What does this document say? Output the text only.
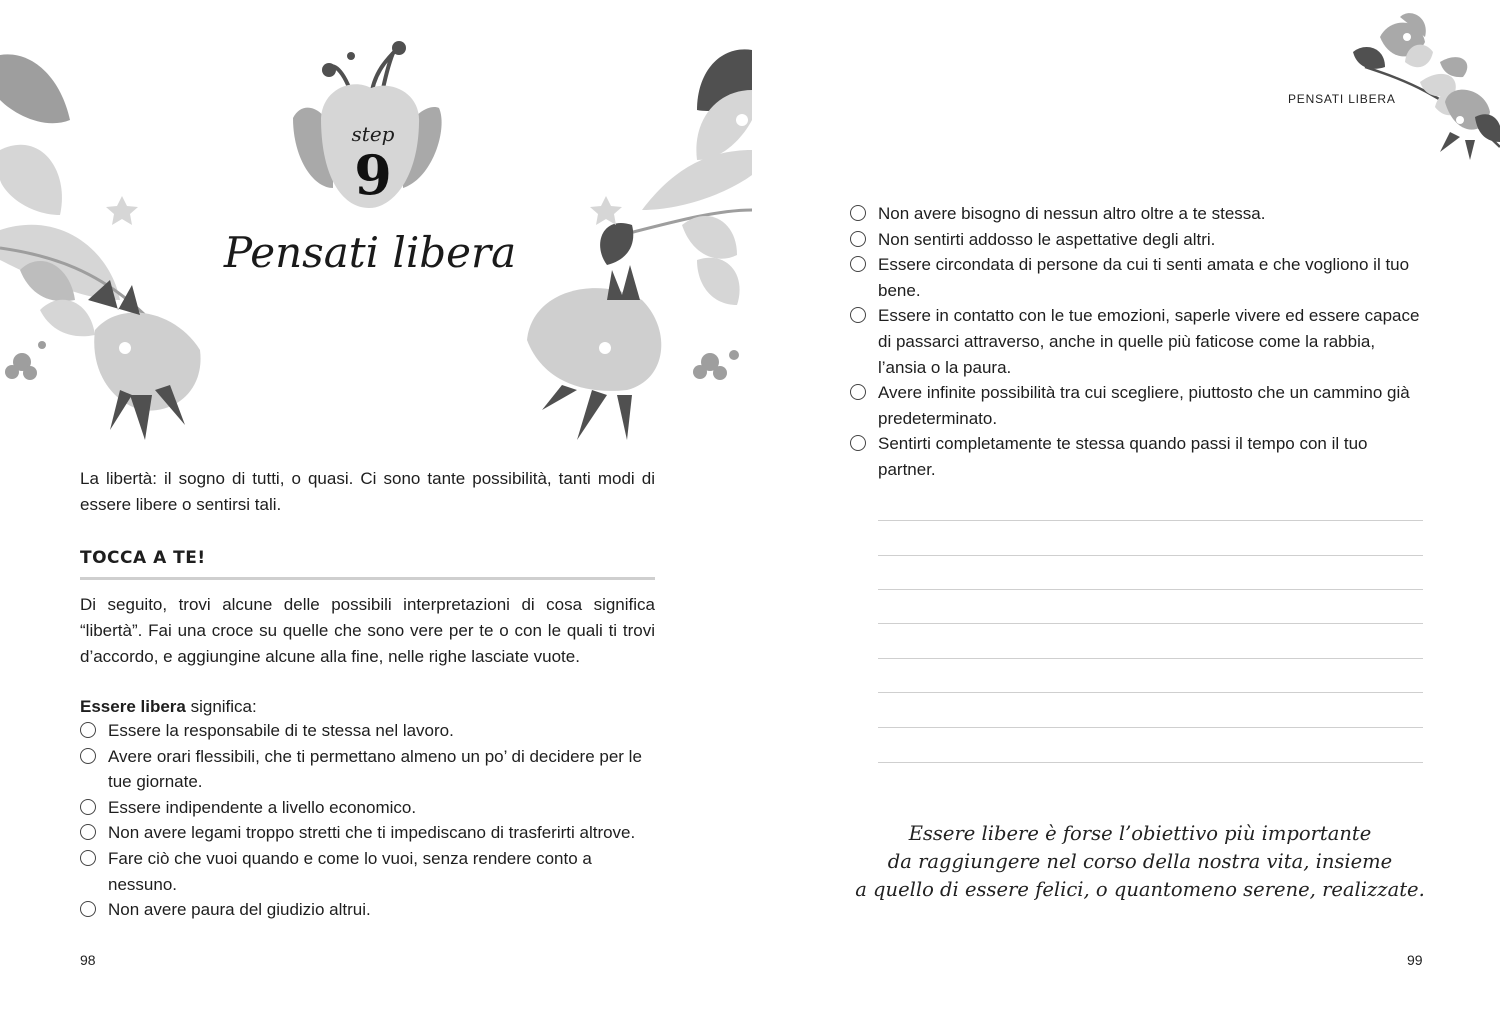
step
9
Pensati libera

La libertà: il sogno di tutti, o quasi. Ci sono tante possibilità, tanti modi di essere libere o sentirsi tali.

TOCCA A TE!

Di seguito, trovi alcune delle possibili interpretazioni di cosa significa “libertà”. Fai una croce su quelle che sono vere per te o con le quali ti trovi d’accordo, e aggiungine alcune alla fine, nelle righe lasciate vuote.

Essere libera significa:
Essere la responsabile di te stessa nel lavoro.
Avere orari flessibili, che ti permettano almeno un po’ di decidere per le tue giornate.
Essere indipendente a livello economico.
Non avere legami troppo stretti che ti impediscano di trasferirti altrove.
Fare ciò che vuoi quando e come lo vuoi, senza rendere conto a nessuno.
Non avere paura del giudizio altrui.
98
PENSATI LIBERA
Non avere bisogno di nessun altro oltre a te stessa.
Non sentirti addosso le aspettative degli altri.
Essere circondata di persone da cui ti senti amata e che vogliono il tuo bene.
Essere in contatto con le tue emozioni, saperle vivere ed essere capace di passarci attraverso, anche in quelle più faticose come la rabbia, l’ansia o la paura.
Avere infinite possibilità tra cui scegliere, piuttosto che un cammino già predeterminato.
Sentirti completamente te stessa quando passi il tempo con il tuo partner.

Essere libere è forse l’obiettivo più importante
da raggiungere nel corso della nostra vita, insieme
a quello di essere felici, o quantomeno serene, realizzate.

99
